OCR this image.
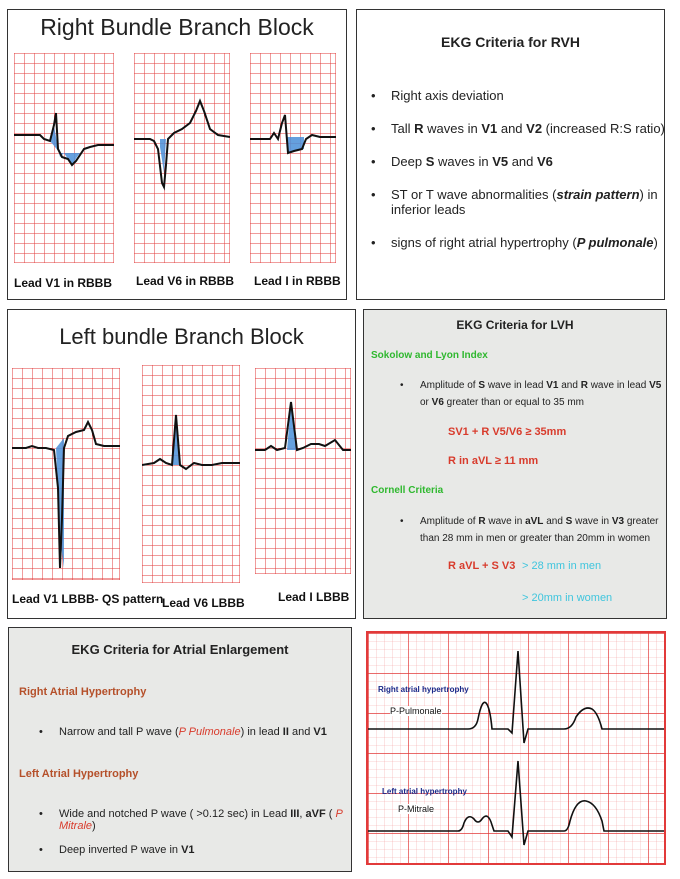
Right Bundle Branch Block
Lead V1 in RBBB Lead V6 in RBBB Lead I in RBBB
EKG Criteria for RVH
• Right axis deviation
• Tall R waves in V1 and V2 (increased R:S ratio)
• Deep S waves in V5 and V6
• ST or T wave abnormalities (strain pattern) in inferior leads
• signs of right atrial hypertrophy (P pulmonale)
Left bundle Branch Block
Lead V1 LBBB- QS pattern
Lead V6 LBBB	Lead I LBBB
EKG Criteria for LVH
Sokolow and Lyon Index
• Amplitude of S wave in lead V1 and R wave in lead V5 or V6 greater than or equal to 35 mm
SV1 + R V5/V6 ≥ 35mm
R in aVL ≥ 11 mm
Cornell Criteria
• Amplitude of R wave in aVL and S wave in V3 greater than 28 mm in men or greater than 20mm in women
R aVL + S V3 > 28 mm in men
> 20mm in women
EKG Criteria for Atrial Enlargement
Right Atrial Hypertrophy
• Narrow and tall P wave (P Pulmonale) in lead II and V1
Left Atrial Hypertrophy
• Wide and notched P wave ( >0.12 sec) in Lead III, aVF ( P Mitrale)
• Deep inverted P wave in V1
Right atrial hypertrophy
P-Pulmonale
Left atrial hypertrophy
P-Mitrale
